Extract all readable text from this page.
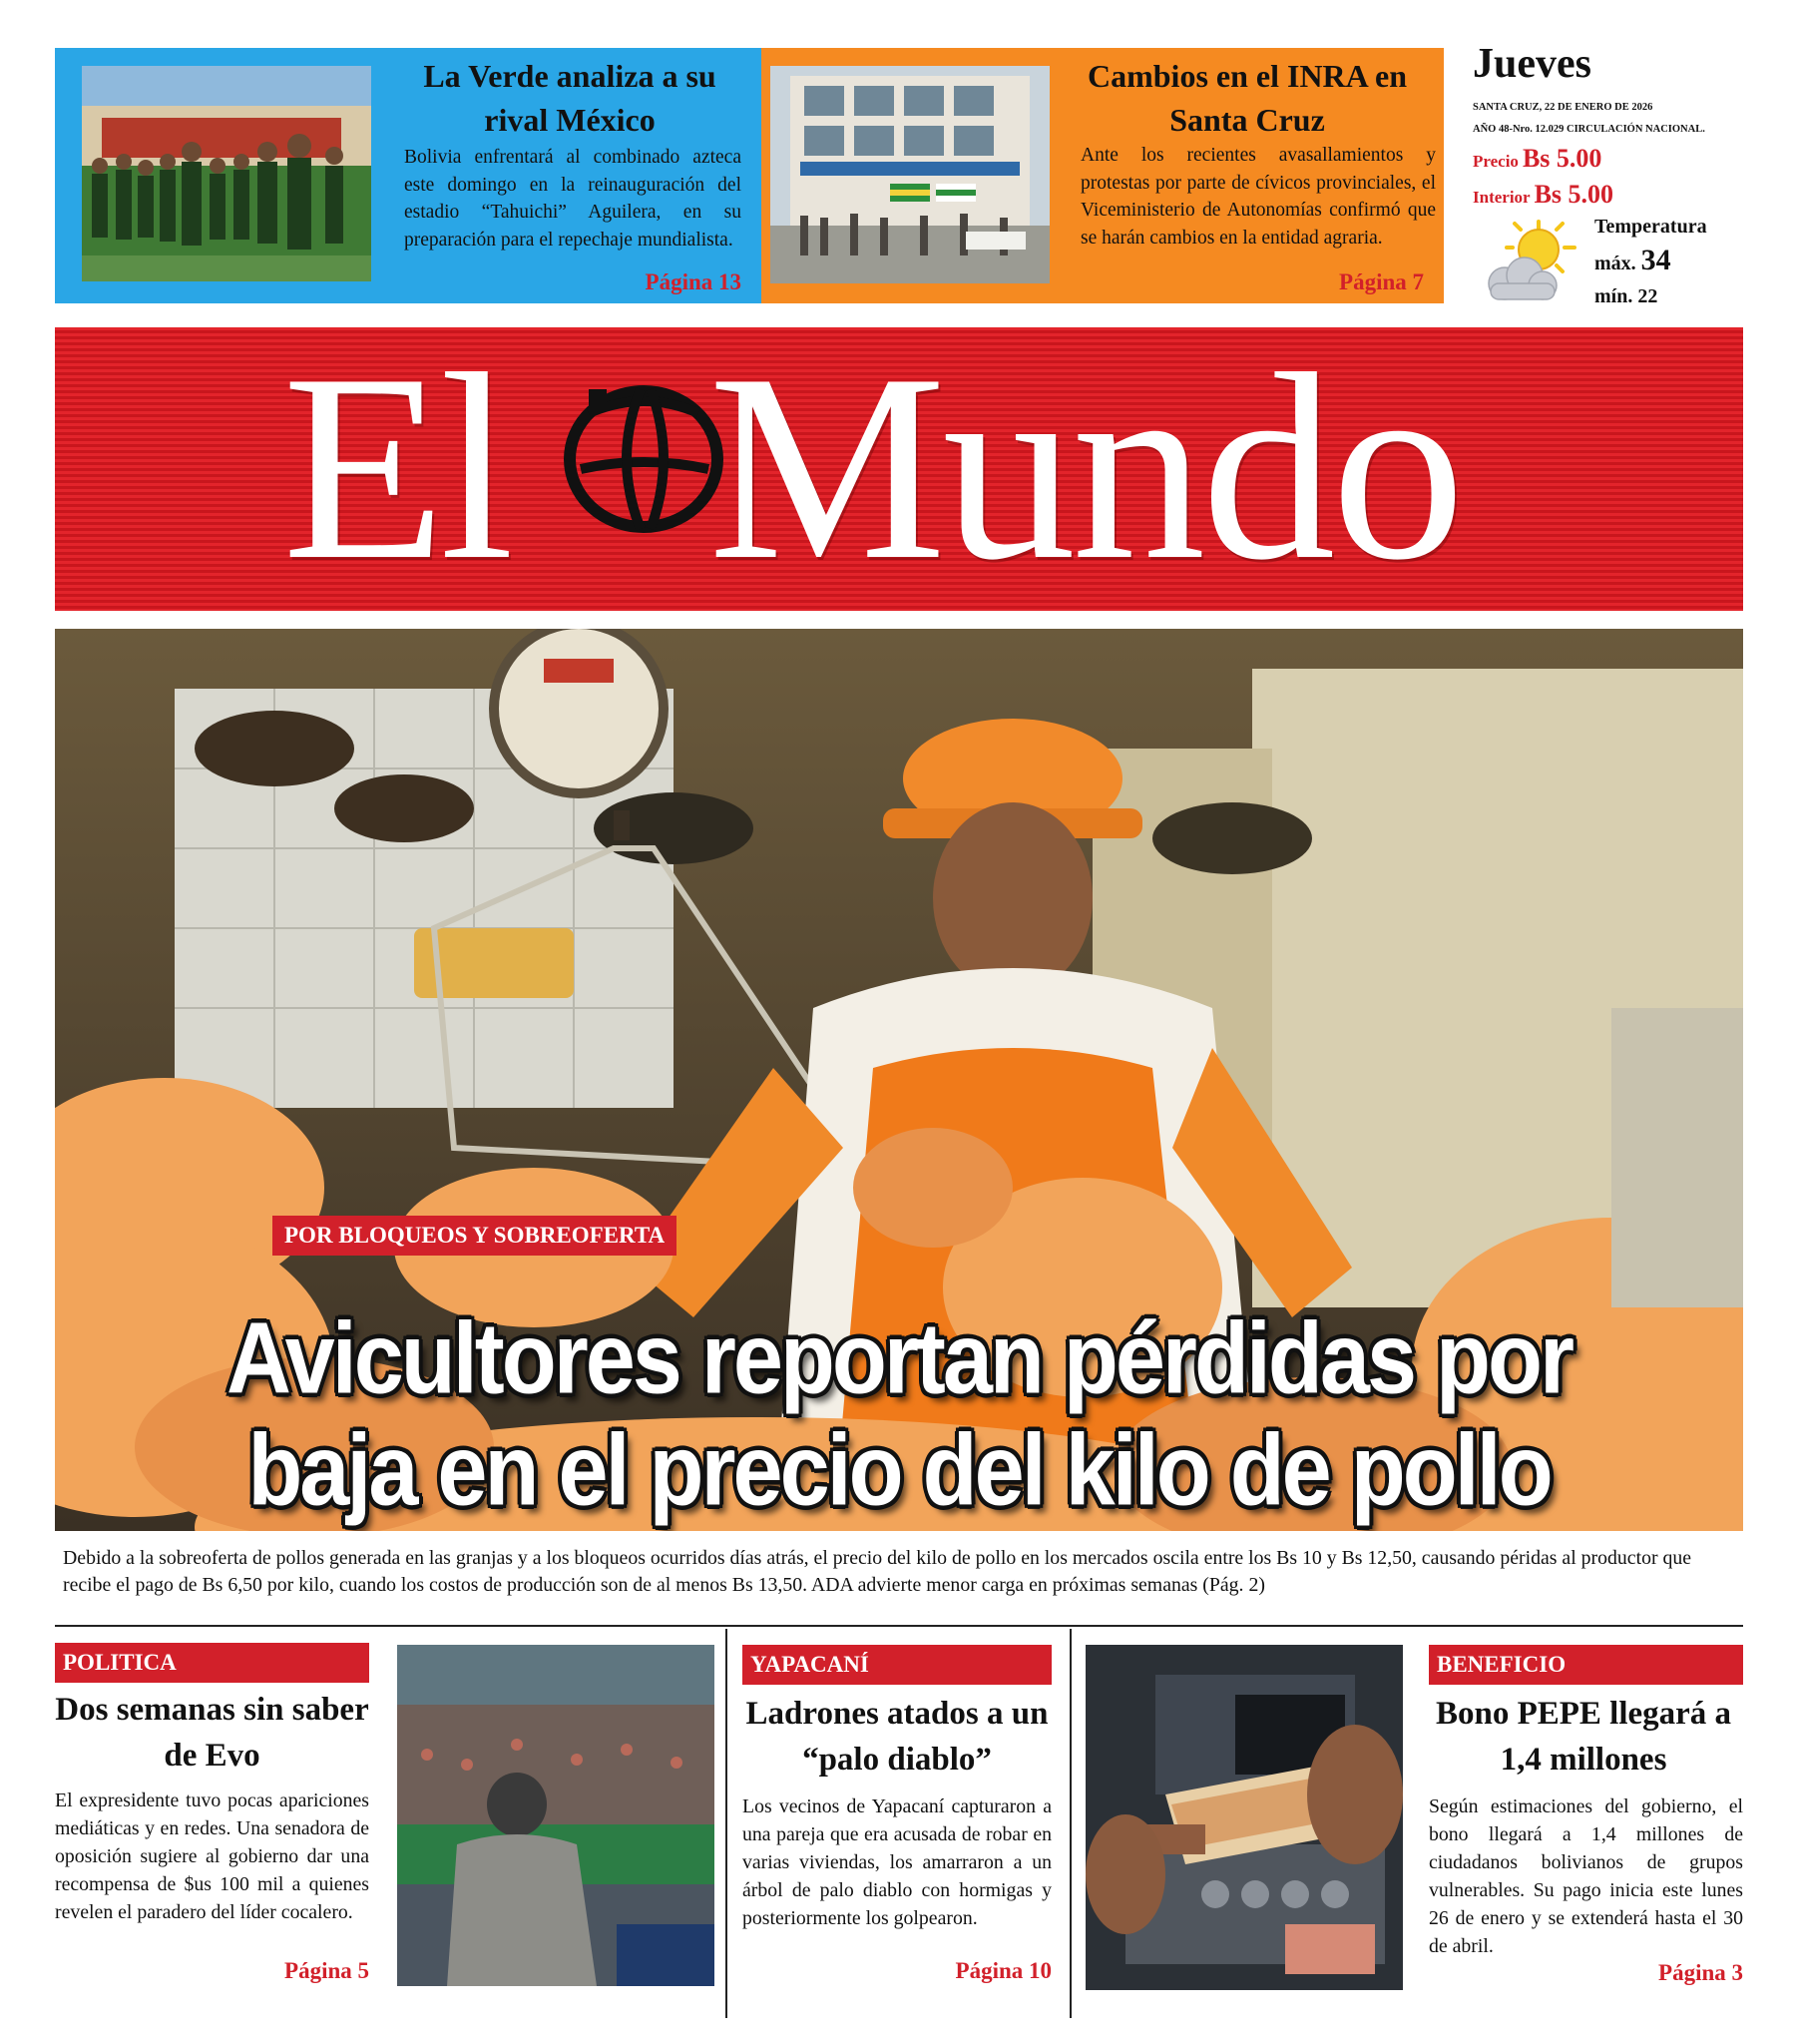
La Verde analiza a su rival México

Bolivia enfrentará al combinado azteca este domingo en la reinauguración del estadio “Tahuichi” Aguilera, en su preparación para el repechaje mundialista.

Página 13
Cambios en el INRA en Santa Cruz

Ante los recientes avasallamientos y protestas por parte de cívicos provinciales, el Viceministerio de Autonomías confirmó que se harán cambios en la entidad agraria.

Página 7
Jueves
SANTA CRUZ, 22 DE ENERO DE 2026
AÑO 48-Nro. 12.029 CIRCULACIÓN NACIONAL.
Precio Bs 5.00
Interior Bs 5.00
Temperatura
máx. 34
mín. 22
El Mundo
POR BLOQUEOS Y SOBREOFERTA
Avicultores reportan pérdidas por
baja en el precio del kilo de pollo
Debido a la sobreoferta de pollos generada en las granjas y a los bloqueos ocurridos días atrás, el precio del kilo de pollo en los mercados oscila entre los Bs 10 y Bs 12,50, causando péridas al productor que recibe el pago de Bs 6,50 por kilo, cuando los costos de producción son de al menos Bs 13,50. ADA advierte menor carga en próximas semanas (Pág. 2)
POLITICA
Dos semanas sin saber de Evo
El expresidente tuvo pocas apariciones mediáticas y en redes. Una senadora de oposición sugiere al gobierno dar una recompensa de $us 100 mil a quienes revelen el paradero del líder cocalero.
Página 5
YAPACANÍ
Ladrones atados a un “palo diablo”
Los vecinos de Yapacaní capturaron a una pareja que era acusada de robar en varias viviendas, los amarraron a un árbol de palo diablo con hormigas y posteriormente los golpearon.
Página 10
BENEFICIO
Bono PEPE llegará a 1,4 millones
Según estimaciones del gobierno, el bono llegará a 1,4 millones de ciudadanos bolivianos de grupos vulnerables. Su pago inicia este lunes 26 de enero y se extenderá hasta el 30 de abril.
Página 3
